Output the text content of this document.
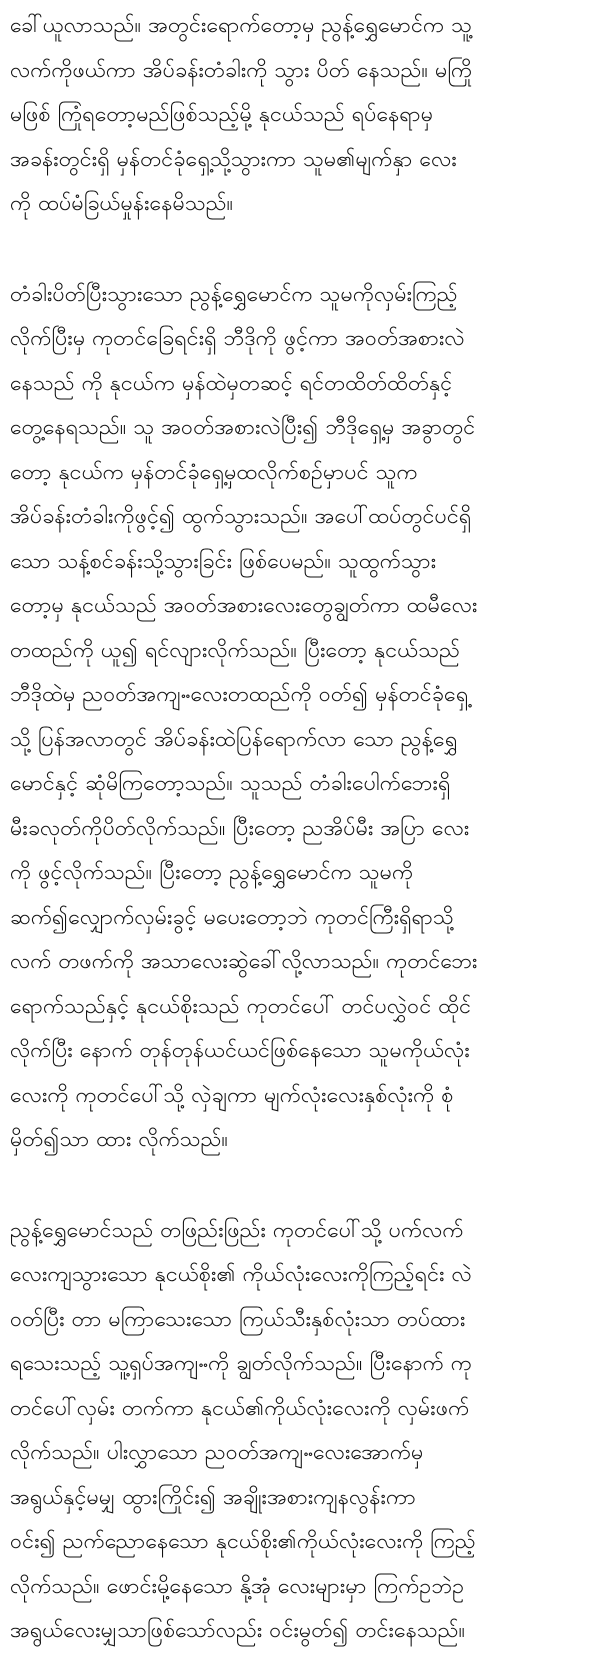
ခေါ်ယူလာသည်။ အတွင်းရောက်တော့မှ ညွန့်ရွှေမောင်က သူ့
လက်ကိုဖယ်ကာ အိပ်ခန်းတံခါးကို သွား ပိတ် နေသည်။ မကြို
မဖြစ် ကြုံရတော့မည်ဖြစ်သည့်မို့ နုငယ်သည် ရပ်နေရာမှ
အခန်းတွင်းရှိ မှန်တင်ခုံရှေ့သို့သွားကာ သူမ၏မျက်နှာ လေး
ကို ထပ်မံခြယ်မှုန်းနေမိသည်။
တံခါးပိတ်ပြီးသွားသော ညွန့်ရွှေမောင်က သူမကိုလှမ်းကြည့်
လိုက်ပြီးမှ ကုတင်ခြေရင်းရှိ ဘီဒိုကို ဖွင့်ကာ အဝတ်အစားလဲ
နေသည် ကို နုငယ်က မှန်ထဲမှတဆင့် ရင်တထိတ်ထိတ်နှင့်
တွေ့နေရသည်။ သူ အဝတ်အစားလဲပြီး၍ ဘီဒိုရှေ့မှ အခွာတွင်
တော့ နုငယ်က မှန်တင်ခုံရှေ့မှထလိုက်စဉ်မှာပင် သူက
အိပ်ခန်းတံခါးကိုဖွင့်၍ ထွက်သွားသည်။ အပေါ်ထပ်တွင်ပင်ရှိ
သော သန့်စင်ခန်းသို့သွားခြင်း ဖြစ်ပေမည်။ သူထွက်သွား
တော့မှ နုငယ်သည် အဝတ်အစားလေးတွေချွတ်ကာ ထမီလေး
တထည်ကို ယူ၍ ရင်လျားလိုက်သည်။ ပြီးတော့ နုငယ်သည်
ဘီဒိုထဲမှ ညဝတ်အကျႌလေးတထည်ကို ဝတ်၍ မှန်တင်ခုံရှေ့
သို့ ပြန်အလာတွင် အိပ်ခန်းထဲပြန်ရောက်လာ သော ညွန့်ရွှေ
မောင်နှင့် ဆုံမိကြတော့သည်။ သူသည် တံခါးပေါက်ဘေးရှိ
မီးခလုတ်ကိုပိတ်လိုက်သည်။ ပြီးတော့ ညအိပ်မီး အပြာ လေး
ကို ဖွင့်လိုက်သည်။ ပြီးတော့ ညွန့်ရွှေမောင်က သူမကို
ဆက်၍လျှောက်လှမ်းခွင့် မပေးတော့ဘဲ ကုတင်ကြီးရှိရာသို့
လက် တဖက်ကို အသာလေးဆွဲခေါ်လို့လာသည်။ ကုတင်ဘေး
ရောက်သည်နှင့် နုငယ်စိုးသည် ကုတင်ပေါ် တင်ပလွှဲဝင် ထိုင်
လိုက်ပြီး နောက် တုန်တုန်ယင်ယင်ဖြစ်နေသော သူမကိုယ်လုံး
လေးကို ကုတင်ပေါ်သို့ လှဲချကာ မျက်လုံးလေးနှစ်လုံးကို စုံ
မှိတ်၍သာ ထား လိုက်သည်။
ညွန့်ရွှေမောင်သည် တဖြည်းဖြည်း ကုတင်ပေါ်သို့ ပက်လက်
လေးကျသွားသော နုငယ်စိုး၏ ကိုယ်လုံးလေးကိုကြည့်ရင်း လဲ
ဝတ်ပြီး တာ မကြာသေးသော ကြယ်သီးနှစ်လုံးသာ တပ်ထား
ရသေးသည့် သူ့ရှပ်အကျႌကို ချွတ်လိုက်သည်။ ပြီးနောက် ကု
တင်ပေါ်လှမ်း တက်ကာ နုငယ်၏ကိုယ်လုံးလေးကို လှမ်းဖက်
လိုက်သည်။ ပါးလွှာသော ညဝတ်အကျႌလေးအောက်မှ
အရွယ်နှင့်မမျှ ထွားကြိုင်း၍ အချိုးအစားကျနလွန်းကာ
ဝင်း၍ ညက်ညောနေသော နုငယ်စိုး၏ကိုယ်လုံးလေးကို ကြည့်
လိုက်သည်။ ဖောင်းမို့နေသော နို့အုံ လေးများမှာ ကြက်ဥဘဲဥ
အရွယ်လေးမျှသာဖြစ်သော်လည်း ဝင်းမွတ်၍ တင်းနေသည်။
